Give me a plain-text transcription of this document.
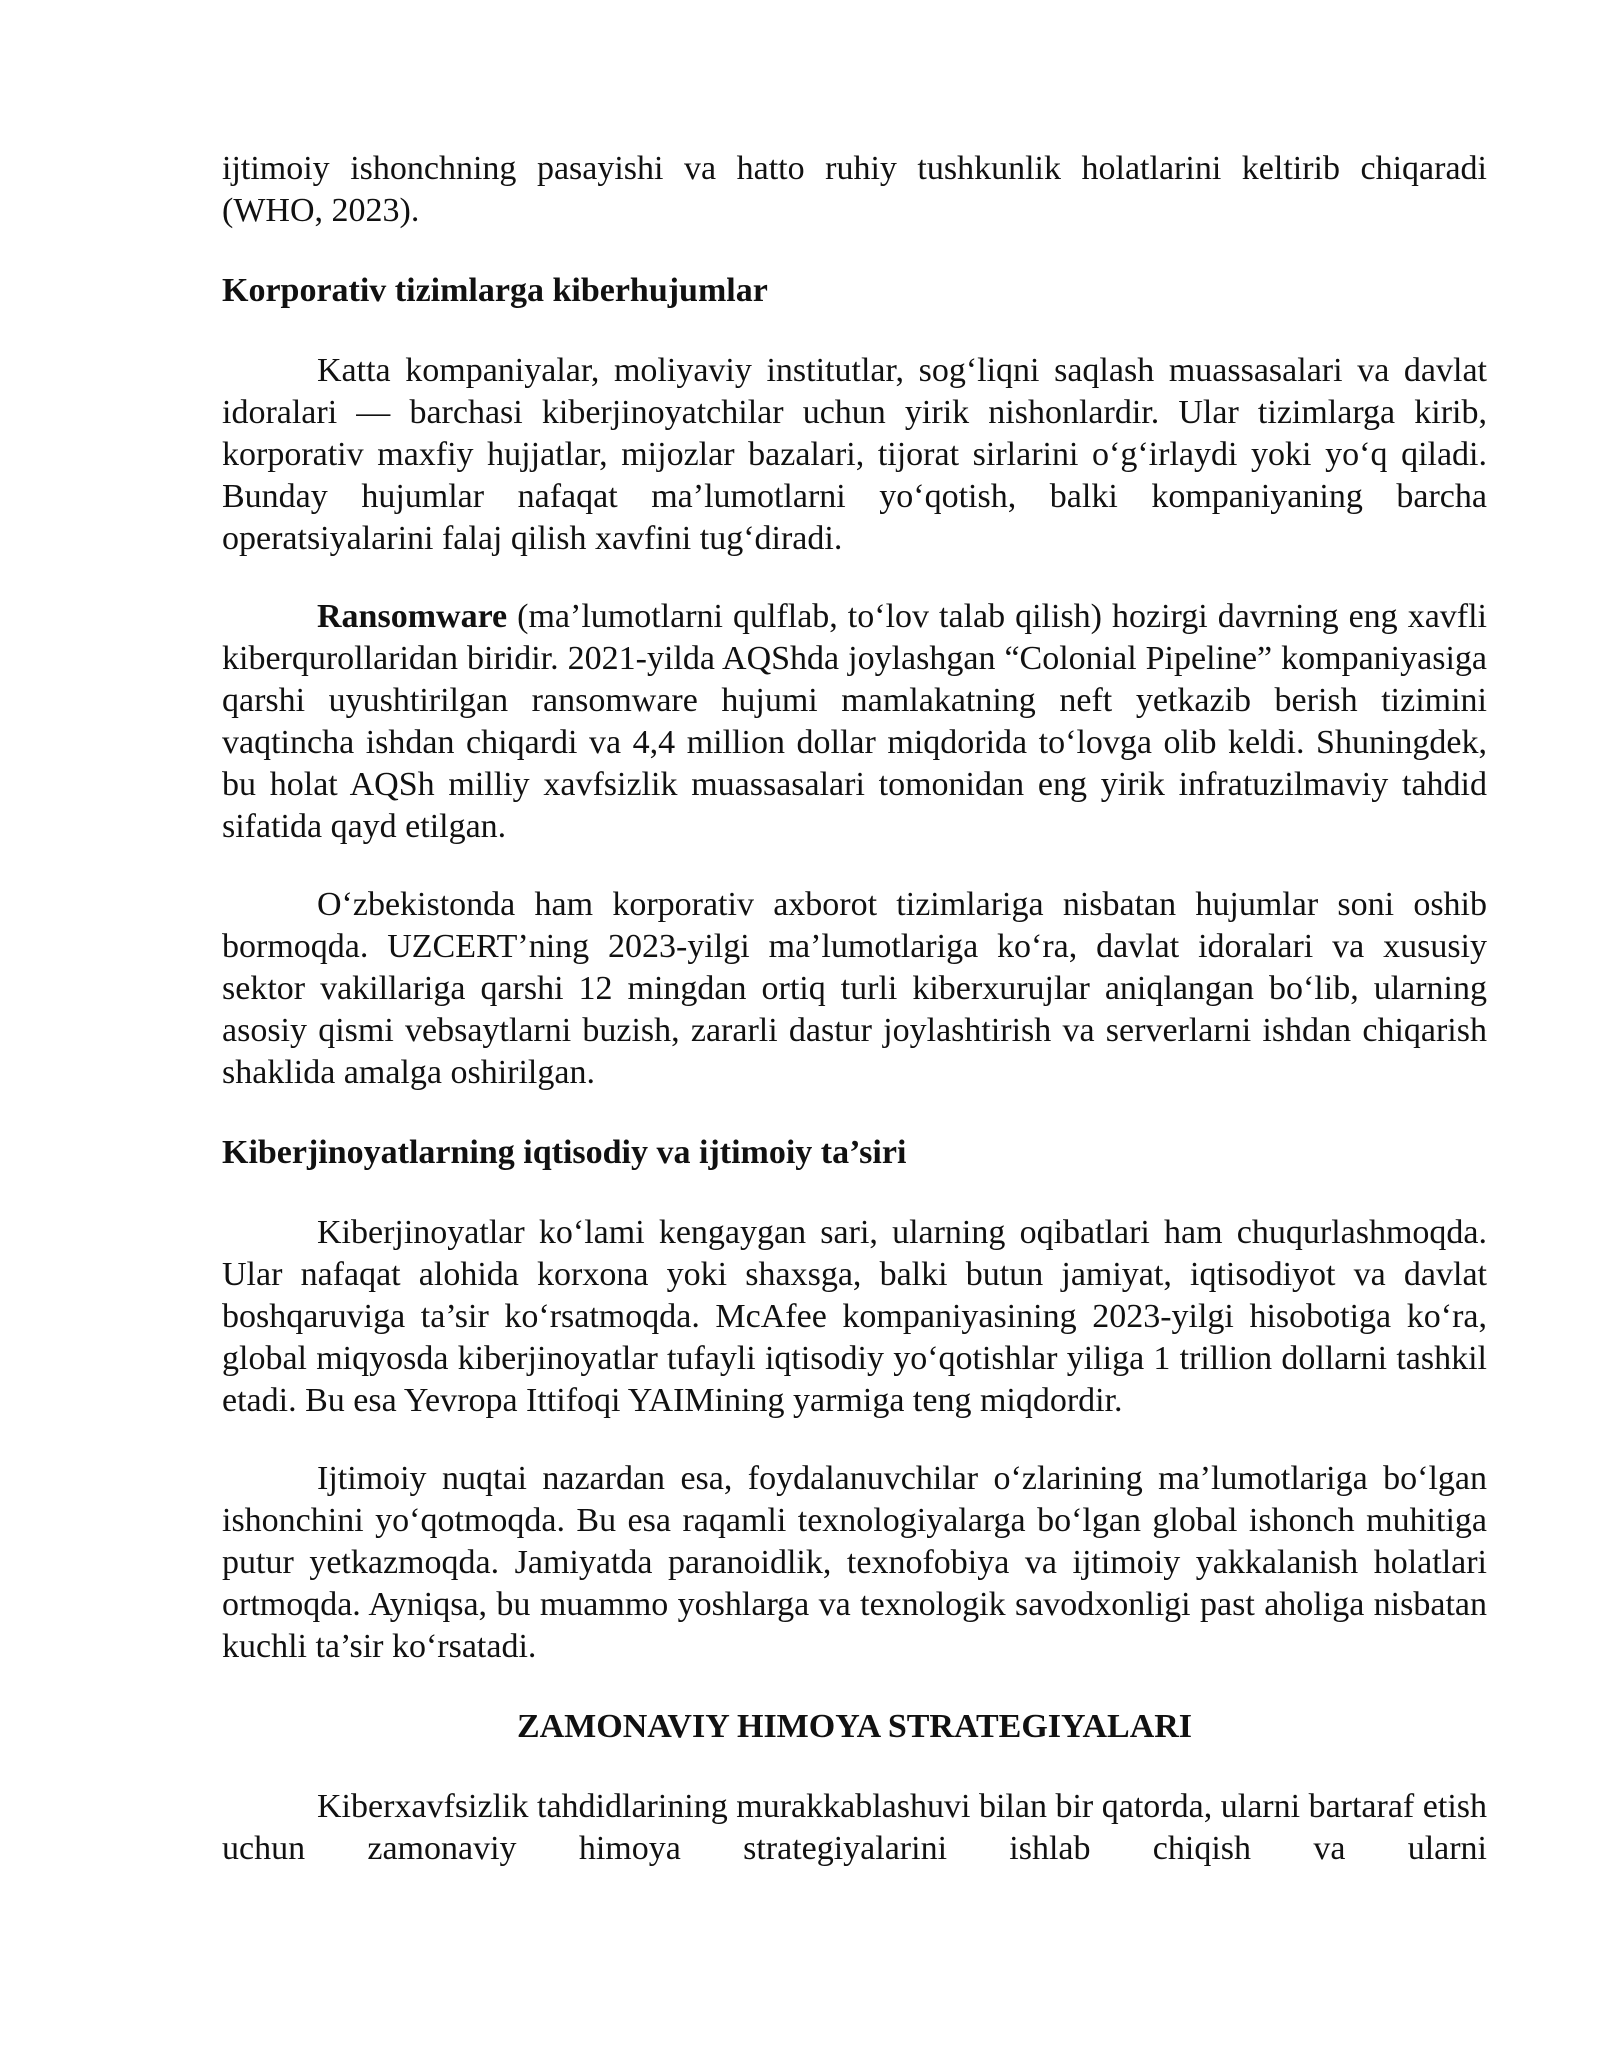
ijtimoiy ishonchning pasayishi va hatto ruhiy tushkunlik holatlarini keltirib chiqaradi (WHO, 2023).

Korporativ tizimlarga kiberhujumlar

Katta kompaniyalar, moliyaviy institutlar, sog‘liqni saqlash muassasalari va davlat idoralari — barchasi kiberjinoyatchilar uchun yirik nishonlardir. Ular tizimlarga kirib, korporativ maxfiy hujjatlar, mijozlar bazalari, tijorat sirlarini o‘g‘irlaydi yoki yo‘q qiladi. Bunday hujumlar nafaqat ma’lumotlarni yo‘qotish, balki kompaniyaning barcha operatsiyalarini falaj qilish xavfini tug‘diradi.

Ransomware (ma’lumotlarni qulflab, to‘lov talab qilish) hozirgi davrning eng xavfli kiberqurollaridan biridir. 2021-yilda AQShda joylashgan “Colonial Pipeline” kompaniyasiga qarshi uyushtirilgan ransomware hujumi mamlakatning neft yetkazib berish tizimini vaqtincha ishdan chiqardi va 4,4 million dollar miqdorida to‘lovga olib keldi. Shuningdek, bu holat AQSh milliy xavfsizlik muassasalari tomonidan eng yirik infratuzilmaviy tahdid sifatida qayd etilgan.

O‘zbekistonda ham korporativ axborot tizimlariga nisbatan hujumlar soni oshib bormoqda. UZCERT’ning 2023-yilgi ma’lumotlariga ko‘ra, davlat idoralari va xususiy sektor vakillariga qarshi 12 mingdan ortiq turli kiberxurujlar aniqlangan bo‘lib, ularning asosiy qismi vebsaytlarni buzish, zararli dastur joylashtirish va serverlarni ishdan chiqarish shaklida amalga oshirilgan.

Kiberjinoyatlarning iqtisodiy va ijtimoiy ta’siri

Kiberjinoyatlar ko‘lami kengaygan sari, ularning oqibatlari ham chuqurlashmoqda. Ular nafaqat alohida korxona yoki shaxsga, balki butun jamiyat, iqtisodiyot va davlat boshqaruviga ta’sir ko‘rsatmoqda. McAfee kompaniyasining 2023-yilgi hisobotiga ko‘ra, global miqyosda kiberjinoyatlar tufayli iqtisodiy yo‘qotishlar yiliga 1 trillion dollarni tashkil etadi. Bu esa Yevropa Ittifoqi YAIMining yarmiga teng miqdordir.

Ijtimoiy nuqtai nazardan esa, foydalanuvchilar o‘zlarining ma’lumotlariga bo‘lgan ishonchini yo‘qotmoqda. Bu esa raqamli texnologiyalarga bo‘lgan global ishonch muhitiga putur yetkazmoqda. Jamiyatda paranoidlik, texnofobiya va ijtimoiy yakkalanish holatlari ortmoqda. Ayniqsa, bu muammo yoshlarga va texnologik savodxonligi past aholiga nisbatan kuchli ta’sir ko‘rsatadi.

ZAMONAVIY HIMOYA STRATEGIYALARI

Kiberxavfsizlik tahdidlarining murakkablashuvi bilan bir qatorda, ularni bartaraf etish uchun zamonaviy himoya strategiyalarini ishlab chiqish va ularni
